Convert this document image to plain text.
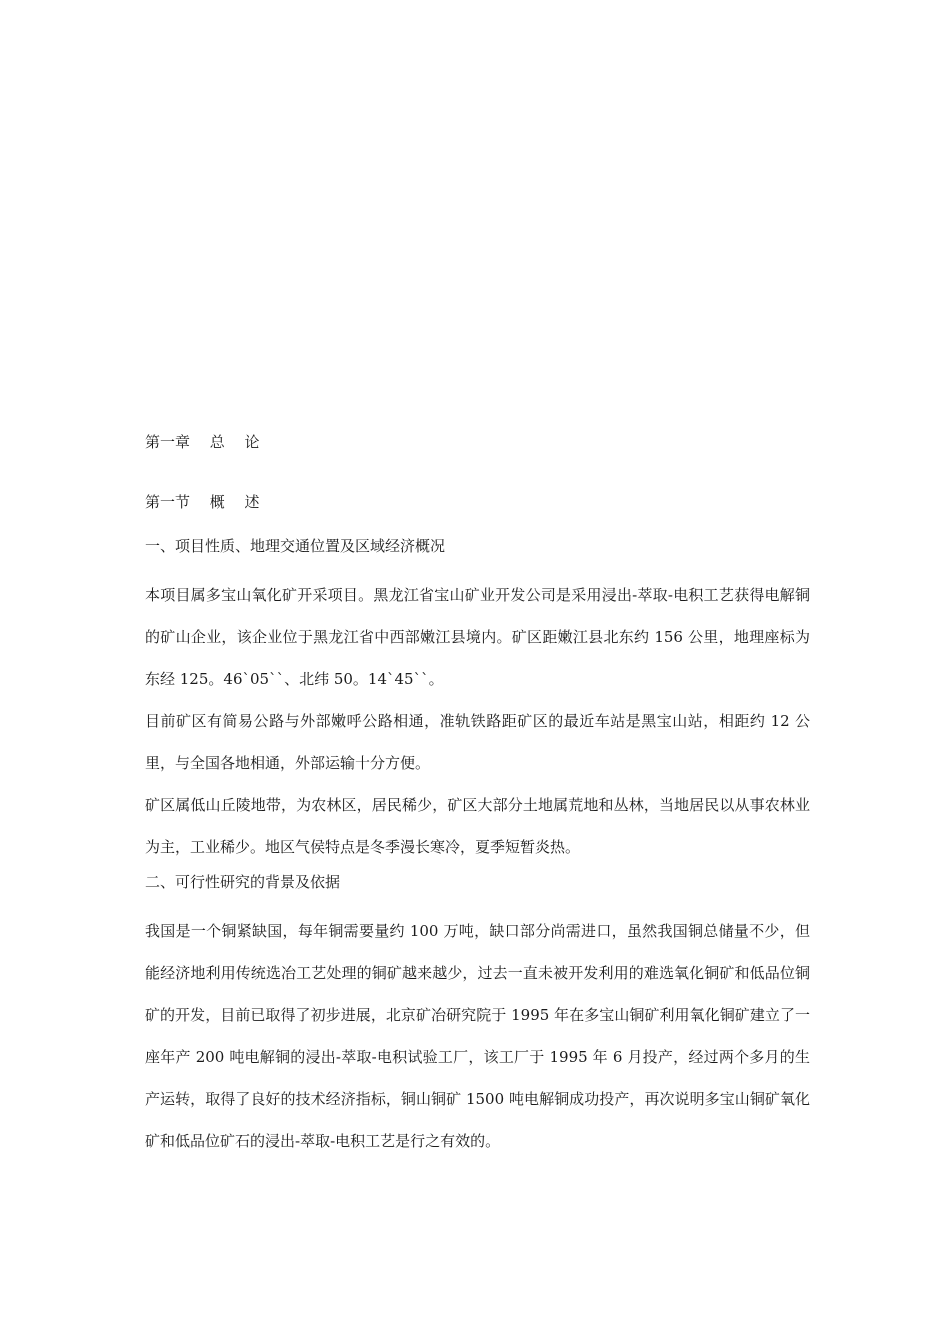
第一章　 总　 论
第一节　 概　 述
一、项目性质、地理交通位置及区域经济概况

本项目属多宝山氧化矿开采项目。黑龙江省宝山矿业开发公司是采用浸出-萃取-电积工艺获得电解铜的矿山企业，该企业位于黑龙江省中西部嫩江县境内。矿区距嫩江县北东约 156 公里，地理座标为东经 125。46`05``、北纬 50。14`45``。

目前矿区有简易公路与外部嫩呼公路相通，准轨铁路距矿区的最近车站是黑宝山站，相距约 12 公里，与全国各地相通，外部运输十分方便。

矿区属低山丘陵地带，为农林区，居民稀少，矿区大部分土地属荒地和丛林，当地居民以从事农林业为主，工业稀少。地区气侯特点是冬季漫长寒冷，夏季短暂炎热。

二、可行性研究的背景及依据

我国是一个铜紧缺国，每年铜需要量约 100 万吨，缺口部分尚需进口，虽然我国铜总储量不少，但能经济地利用传统选冶工艺处理的铜矿越来越少，过去一直未被开发利用的难选氧化铜矿和低品位铜矿的开发，目前已取得了初步进展，北京矿冶研究院于 1995 年在多宝山铜矿利用氧化铜矿建立了一座年产 200 吨电解铜的浸出-萃取-电积试验工厂，该工厂于 1995 年 6 月投产，经过两个多月的生产运转，取得了良好的技术经济指标，铜山铜矿 1500 吨电解铜成功投产，再次说明多宝山铜矿氧化矿和低品位矿石的浸出-萃取-电积工艺是行之有效的。
